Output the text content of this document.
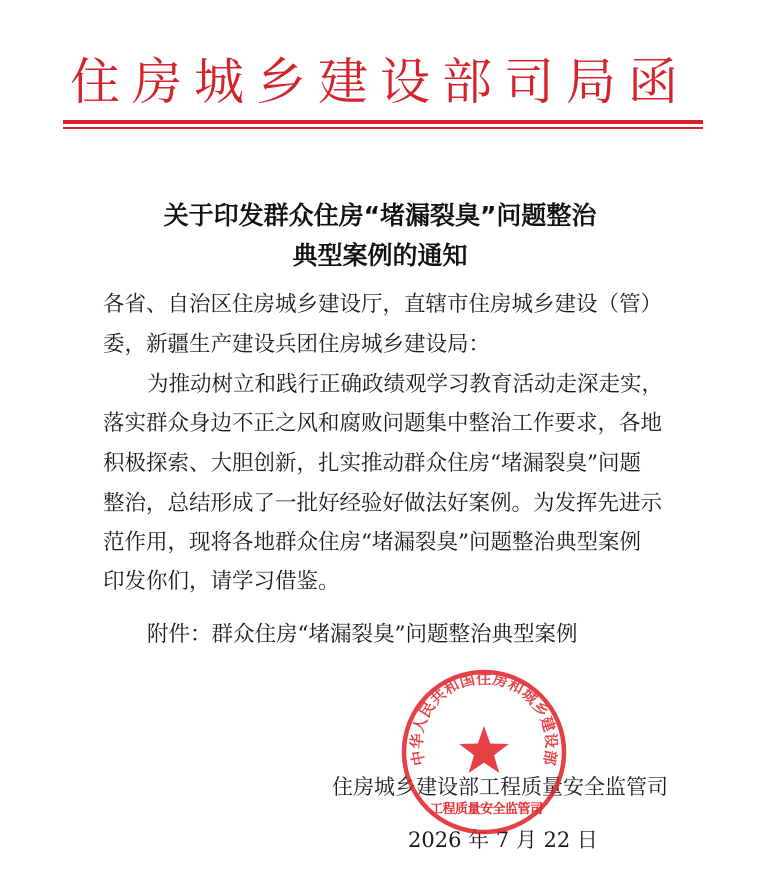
住房城乡建设部司局函
关于印发群众住房“堵漏裂臭”问题整治
典型案例的通知
各省、自治区住房城乡建设厅，直辖市住房城乡建设（管）
委，新疆生产建设兵团住房城乡建设局：
为推动树立和践行正确政绩观学习教育活动走深走实，
落实群众身边不正之风和腐败问题集中整治工作要求，各地
积极探索、大胆创新，扎实推动群众住房“堵漏裂臭”问题
整治，总结形成了一批好经验好做法好案例。为发挥先进示
范作用，现将各地群众住房“堵漏裂臭”问题整治典型案例
印发你们，请学习借鉴。
附件：群众住房“堵漏裂臭”问题整治典型案例
住房城乡建设部工程质量安全监管司
2026 年 7 月 22 日
中华人民共和国住房和城乡建设部
工程质量安全监管司
